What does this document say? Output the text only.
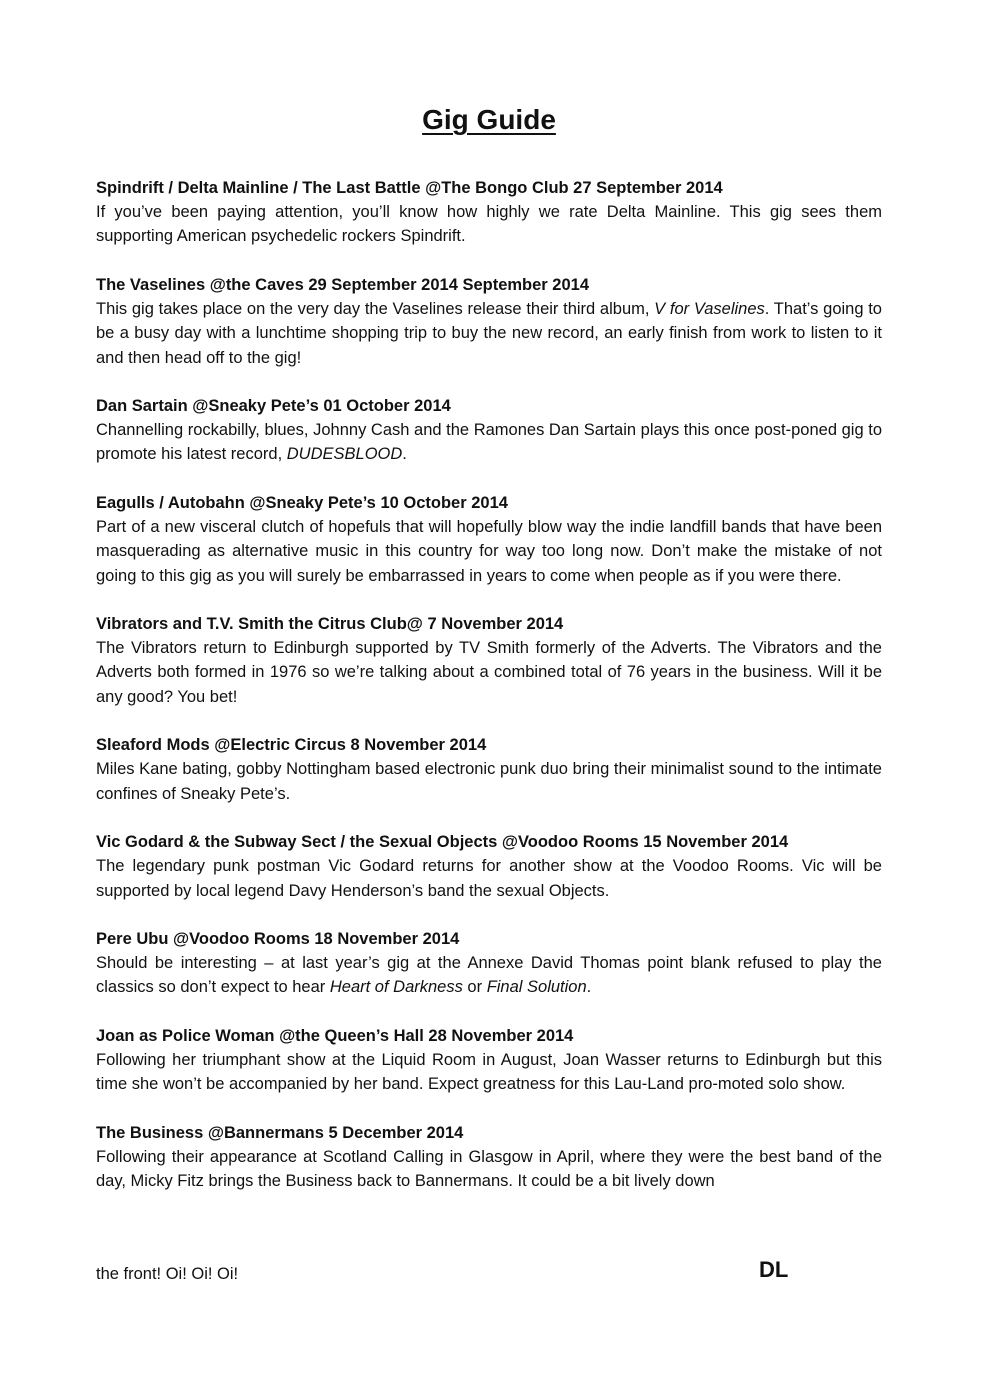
Gig Guide

Spindrift / Delta Mainline / The Last Battle @The Bongo Club 27 September 2014

If you’ve been paying attention, you’ll know how highly we rate Delta Mainline. This gig sees them supporting American psychedelic rockers Spindrift.

The Vaselines @the Caves 29 September 2014 September 2014

This gig takes place on the very day the Vaselines release their third album, V for Vaselines. That’s going to be a busy day with a lunchtime shopping trip to buy the new record, an early finish from work to listen to it and then head off to the gig!

Dan Sartain @Sneaky Pete’s 01 October 2014

Channelling rockabilly, blues, Johnny Cash and the Ramones Dan Sartain plays this once post-poned gig to promote his latest record, DUDESBLOOD.

Eagulls / Autobahn @Sneaky Pete’s 10 October 2014

Part of a new visceral clutch of hopefuls that will hopefully blow way the indie landfill bands that have been masquerading as alternative music in this country for way too long now. Don’t make the mistake of not going to this gig as you will surely be embarrassed in years to come when people as if you were there.

Vibrators and T.V. Smith the Citrus Club@ 7 November 2014

The Vibrators return to Edinburgh supported by TV Smith formerly of the Adverts. The Vibrators and the Adverts both formed in 1976 so we’re talking about a combined total of 76 years in the business. Will it be any good? You bet!

Sleaford Mods @Electric Circus 8 November 2014

Miles Kane bating, gobby Nottingham based electronic punk duo bring their minimalist sound to the intimate confines of Sneaky Pete’s.

Vic Godard & the Subway Sect / the Sexual Objects @Voodoo Rooms 15 November 2014

The legendary punk postman Vic Godard returns for another show at the Voodoo Rooms. Vic will be supported by local legend Davy Henderson’s band the sexual Objects.

Pere Ubu @Voodoo Rooms 18 November 2014

Should be interesting – at last year’s gig at the Annexe David Thomas point blank refused to play the classics so don’t expect to hear Heart of Darkness or Final Solution.

Joan as Police Woman @the Queen’s Hall 28 November 2014

Following her triumphant show at the Liquid Room in August, Joan Wasser returns to Edinburgh but this time she won’t be accompanied by her band. Expect greatness for this Lau-Land pro-moted solo show.

The Business @Bannermans 5 December 2014

Following their appearance at Scotland Calling in Glasgow in April, where they were the best band of the day, Micky Fitz brings the Business back to Bannermans. It could be a bit lively down

the front! Oi! Oi! Oi!	DL
